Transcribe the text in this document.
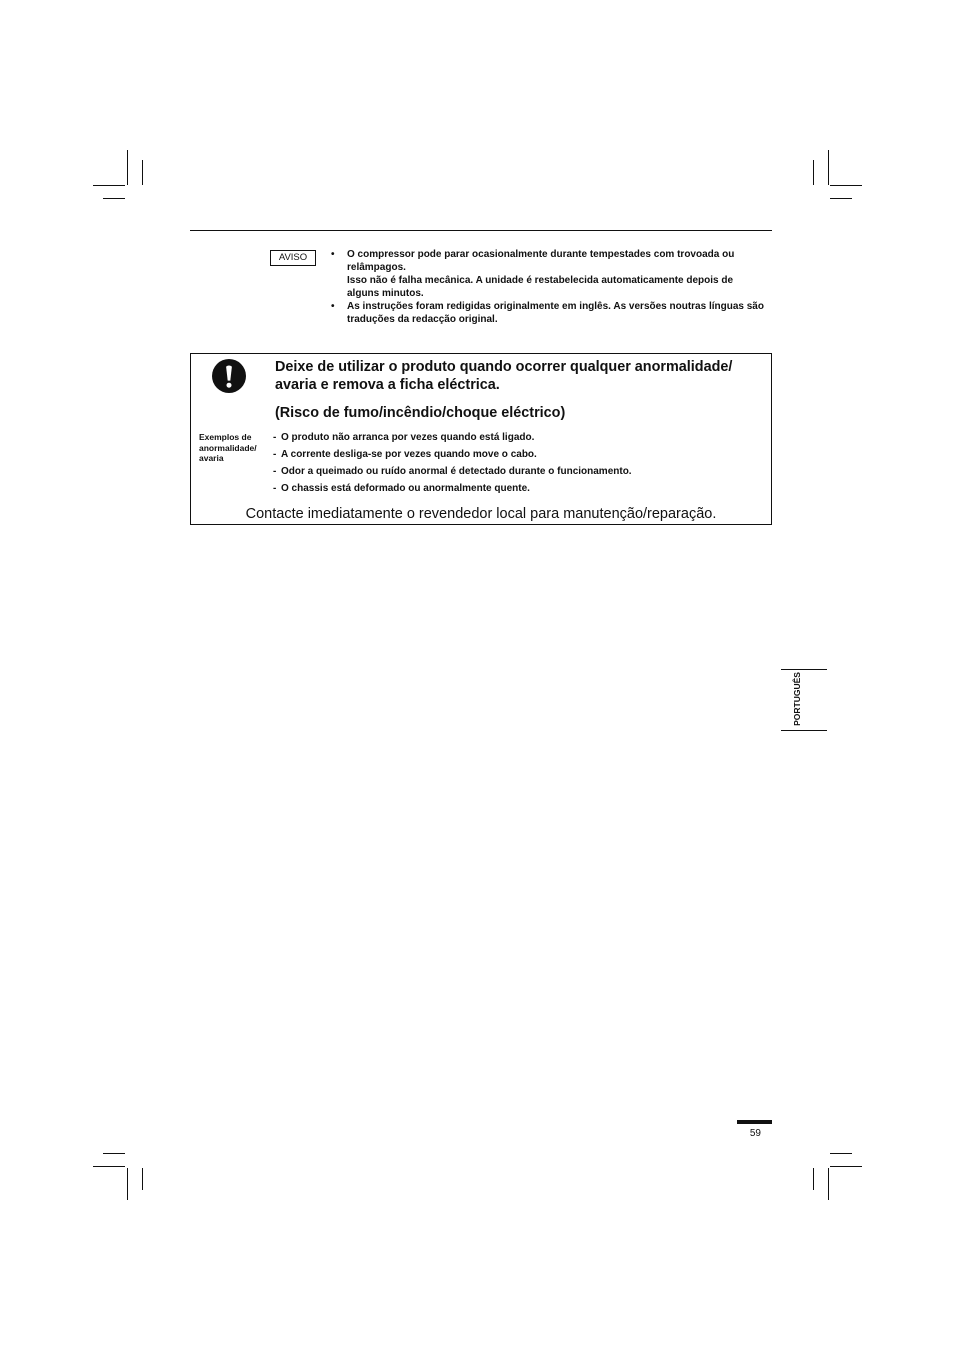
AVISO	• O compressor pode parar ocasionalmente durante tempestades com trovoada ou
relâmpagos.
Isso não é falha mecânica. A unidade é restabelecida automaticamente depois de
alguns minutos.
• As instruções foram redigidas originalmente em inglês. As versões noutras línguas são
traduções da redacção original.
Deixe de utilizar o produto quando ocorrer qualquer anormalidade/
avaria e remova a ficha eléctrica.
(Risco de fumo/incêndio/choque eléctrico)
Exemplos de
anormalidade/
avaria
- O produto não arranca por vezes quando está ligado.
- A corrente desliga-se por vezes quando move o cabo.
- Odor a queimado ou ruído anormal é detectado durante o funcionamento.
- O chassis está deformado ou anormalmente quente.
Contacte imediatamente o revendedor local para manutenção/reparação.
PORTUGUÊS
59
